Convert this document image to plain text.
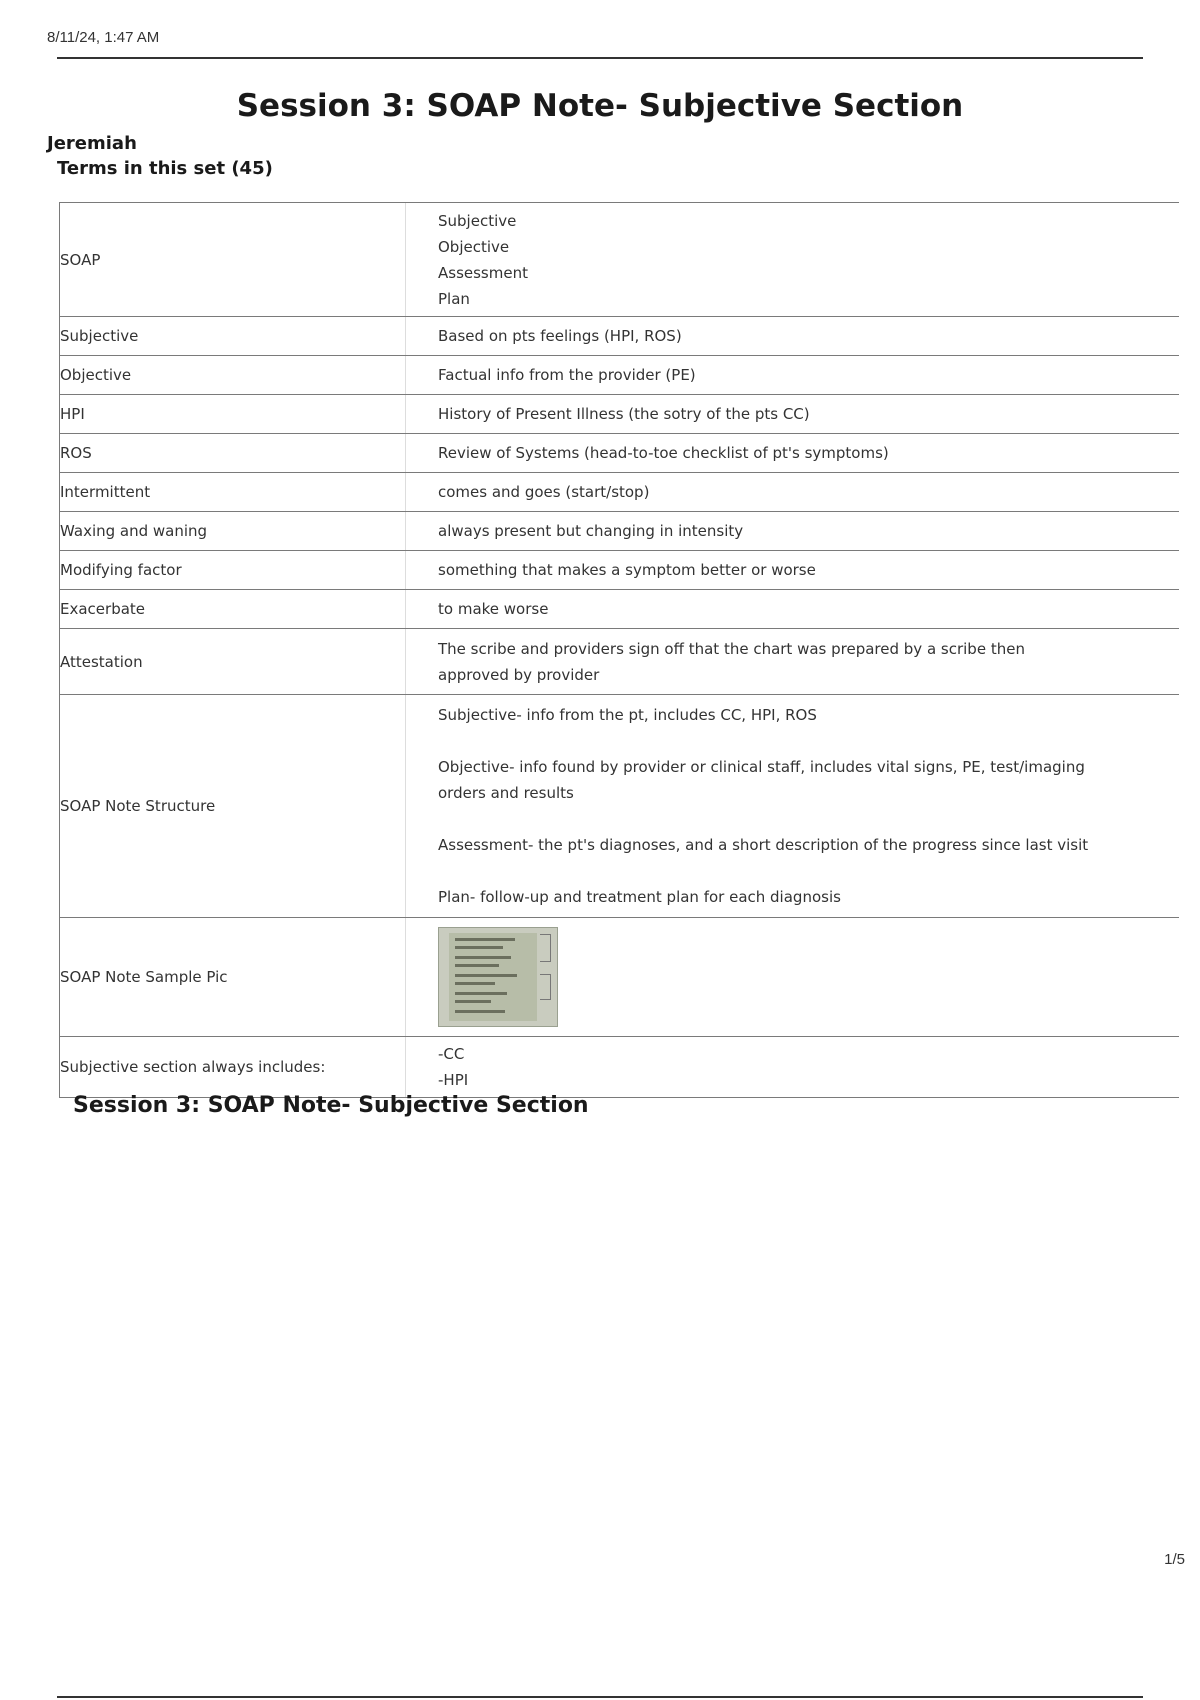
8/11/24, 1:47 AM
Session 3: SOAP Note- Subjective Section
Jeremiah
Terms in this set (45)
SOAP	Subjective
Objective
Assessment
Plan

Subjective	Based on pts feelings (HPI, ROS)

Objective	Factual info from the provider (PE)

HPI	History of Present Illness (the sotry of the pts CC)

ROS	Review of Systems (head-to-toe checklist of pt's symptoms)

Intermittent	comes and goes (start/stop)

Waxing and waning	always present but changing in intensity

Modifying factor	something that makes a symptom better or worse

Exacerbate	to make worse

Attestation	The scribe and providers sign off that the chart was prepared by a scribe then
approved by provider

SOAP Note Structure	Subjective- info from the pt, includes CC, HPI, ROS
Objective- info found by provider or clinical staff, includes vital signs, PE, test/imaging
orders and results
Assessment- the pt's diagnoses, and a short description of the progress since last visit
Plan- follow-up and treatment plan for each diagnosis

SOAP Note Sample Pic	

Subjective section always includes:	-CC
-HPI
Session 3: SOAP Note- Subjective Section
1/5
